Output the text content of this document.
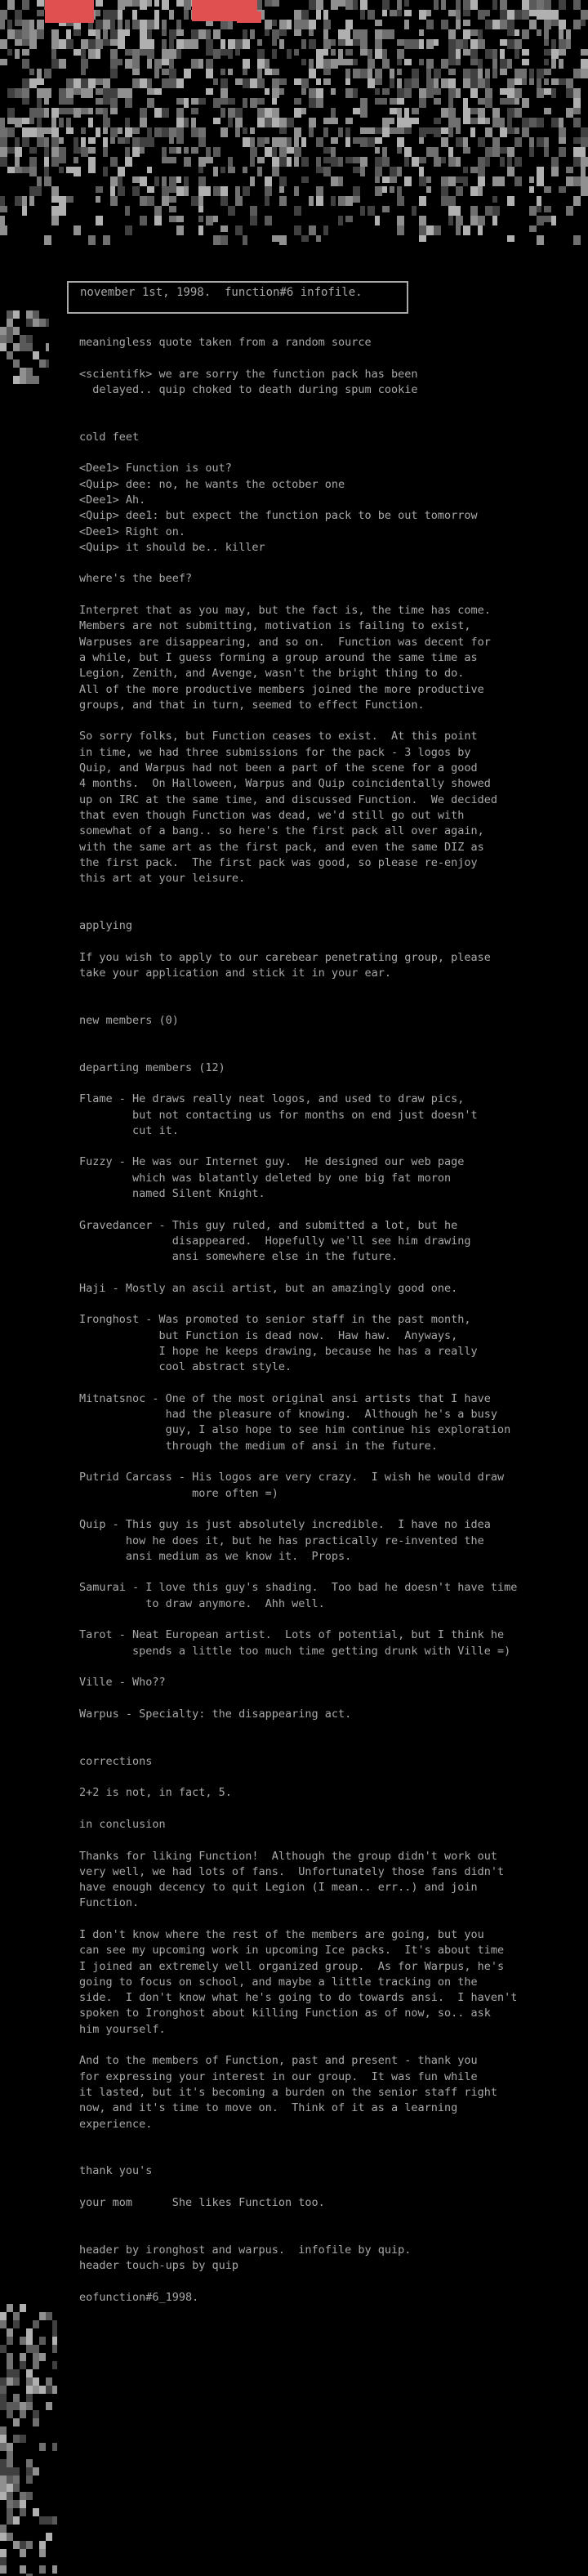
november 1st, 1998.  function#6 infofile.
meaningless quote taken from a random source
<scientifk> we are sorry the function pack has been
delayed.. quip choked to death during spum cookie
cold feet
<Dee1> Function is out?
<Quip> dee: no, he wants the october one
<Dee1> Ah.
<Quip> dee1: but expect the function pack to be out tomorrow
<Dee1> Right on.
<Quip> it should be.. killer
where's the beef?
Interpret that as you may, but the fact is, the time has come.
Members are not submitting, motivation is failing to exist,
Warpuses are disappearing, and so on.  Function was decent for
a while, but I guess forming a group around the same time as
Legion, Zenith, and Avenge, wasn't the bright thing to do.
All of the more productive members joined the more productive
groups, and that in turn, seemed to effect Function.
So sorry folks, but Function ceases to exist.  At this point
in time, we had three submissions for the pack - 3 logos by
Quip, and Warpus had not been a part of the scene for a good
4 months.  On Halloween, Warpus and Quip coincidentally showed
up on IRC at the same time, and discussed Function.  We decided
that even though Function was dead, we'd still go out with
somewhat of a bang.. so here's the first pack all over again,
with the same art as the first pack, and even the same DIZ as
the first pack.  The first pack was good, so please re-enjoy
this art at your leisure.
applying
If you wish to apply to our carebear penetrating group, please
take your application and stick it in your ear.
new members (0)
departing members (12)
Flame - He draws really neat logos, and used to draw pics,
but not contacting us for months on end just doesn't
cut it.
Fuzzy - He was our Internet guy.  He designed our web page
which was blatantly deleted by one big fat moron
named Silent Knight.
Gravedancer - This guy ruled, and submitted a lot, but he
disappeared.  Hopefully we'll see him drawing
ansi somewhere else in the future.
Haji - Mostly an ascii artist, but an amazingly good one.
Ironghost - Was promoted to senior staff in the past month,
but Function is dead now.  Haw haw.  Anyways,
I hope he keeps drawing, because he has a really
cool abstract style.
Mitnatsnoc - One of the most original ansi artists that I have
had the pleasure of knowing.  Although he's a busy
guy, I also hope to see him continue his exploration
through the medium of ansi in the future.
Putrid Carcass - His logos are very crazy.  I wish he would draw
more often =)
Quip - This guy is just absolutely incredible.  I have no idea
how he does it, but he has practically re-invented the
ansi medium as we know it.  Props.
Samurai - I love this guy's shading.  Too bad he doesn't have time
to draw anymore.  Ahh well.
Tarot - Neat European artist.  Lots of potential, but I think he
spends a little too much time getting drunk with Ville =)
Ville - Who??
Warpus - Specialty: the disappearing act.
corrections
2+2 is not, in fact, 5.
in conclusion
Thanks for liking Function!  Although the group didn't work out
very well, we had lots of fans.  Unfortunately those fans didn't
have enough decency to quit Legion (I mean.. err..) and join
Function.
I don't know where the rest of the members are going, but you
can see my upcoming work in upcoming Ice packs.  It's about time
I joined an extremely well organized group.  As for Warpus, he's
going to focus on school, and maybe a little tracking on the
side.  I don't know what he's going to do towards ansi.  I haven't
spoken to Ironghost about killing Function as of now, so.. ask
him yourself.
And to the members of Function, past and present - thank you
for expressing your interest in our group.  It was fun while
it lasted, but it's becoming a burden on the senior staff right
now, and it's time to move on.  Think of it as a learning
experience.
thank you's
your mom      She likes Function too.
header by ironghost and warpus.  infofile by quip.
header touch-ups by quip
eofunction#6_1998.
